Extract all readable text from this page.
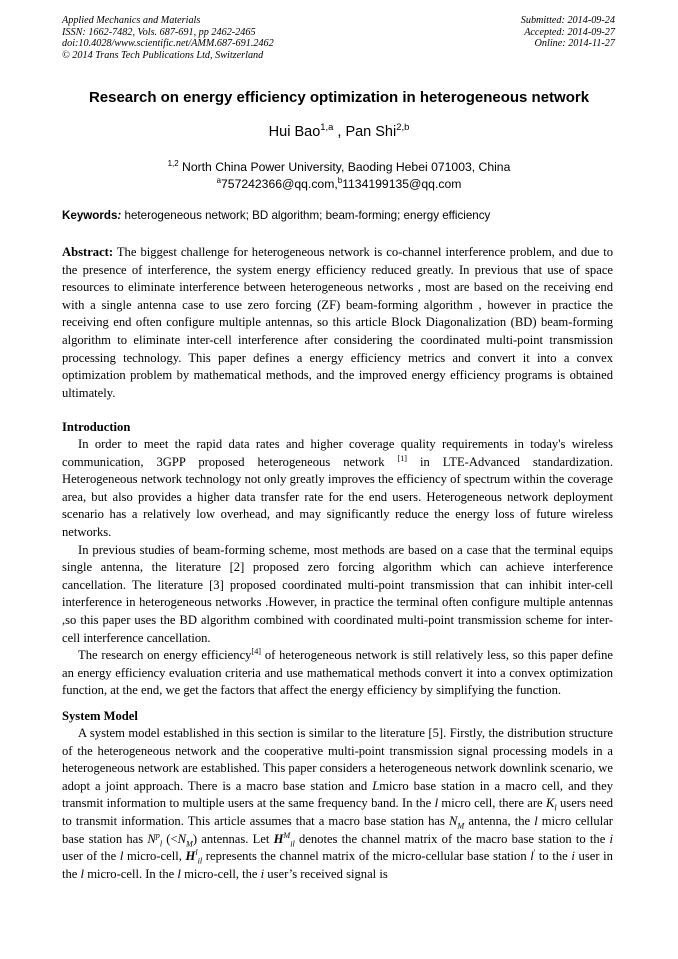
Applied Mechanics and Materials
ISSN: 1662-7482, Vols. 687-691, pp 2462-2465
doi:10.4028/www.scientific.net/AMM.687-691.2462
© 2014 Trans Tech Publications Ltd, Switzerland
Submitted: 2014-09-24
Accepted: 2014-09-27
Online: 2014-11-27
Research on energy efficiency optimization in heterogeneous network
Hui Bao$^{1,a}$ , Pan Shi$^{2,b}$
$^{1,2}$ North China Power University, Baoding Hebei 071003, China
$^a$757242366@qq.com,$^b$1134199135@qq.com
Keywords: heterogeneous network; BD algorithm; beam-forming; energy efficiency
Abstract: The biggest challenge for heterogeneous network is co-channel interference problem, and due to the presence of interference, the system energy efficiency reduced greatly. In previous that use of space resources to eliminate interference between heterogeneous networks , most are based on the receiving end with a single antenna case to use zero forcing (ZF) beam-forming algorithm , however in practice the receiving end often configure multiple antennas, so this article Block Diagonalization (BD) beam-forming algorithm to eliminate inter-cell interference after considering the coordinated multi-point transmission processing technology. This paper defines a energy efficiency metrics and convert it into a convex optimization problem by mathematical methods, and the improved energy efficiency programs is obtained ultimately.
Introduction

In order to meet the rapid data rates and higher coverage quality requirements in today's wireless communication, 3GPP proposed heterogeneous network [1] in LTE-Advanced standardization. Heterogeneous network technology not only greatly improves the efficiency of spectrum within the coverage area, but also provides a higher data transfer rate for the end users. Heterogeneous network deployment scenario has a relatively low overhead, and may significantly reduce the energy loss of future wireless networks.

In previous studies of beam-forming scheme, most methods are based on a case that the terminal equips single antenna, the literature [2] proposed zero forcing algorithm which can achieve interference cancellation. The literature [3] proposed coordinated multi-point transmission that can inhibit inter-cell interference in heterogeneous networks .However, in practice the terminal often configure multiple antennas ,so this paper uses the BD algorithm combined with coordinated multi-point transmission scheme for inter-cell interference cancellation.

The research on energy efficiency[4] of heterogeneous network is still relatively less, so this paper define an energy efficiency evaluation criteria and use mathematical methods convert it into a convex optimization function, at the end, we get the factors that affect the energy efficiency by simplifying the function.

System Model

A system model established in this section is similar to the literature [5]. Firstly, the distribution structure of the heterogeneous network and the cooperative multi-point transmission signal processing models in a heterogeneous network are established. This paper considers a heterogeneous network downlink scenario, we adopt a joint approach. There is a macro base station and Lmicro base station in a macro cell, and they transmit information to multiple users at the same frequency band. In the l micro cell, there are $K_l$ users need to transmit information. This article assumes that a macro base station has $N_M$ antenna, the l micro cellular base station has $N^p_l$ $(<N_M)$ antennas. Let $H^M_{il}$ denotes the channel matrix of the macro base station to the i user of the l micro-cell, $H^l_{il}$ represents the channel matrix of the micro-cellular base station l' to the i user in the l micro-cell. In the l micro-cell, the i user’s received signal is
